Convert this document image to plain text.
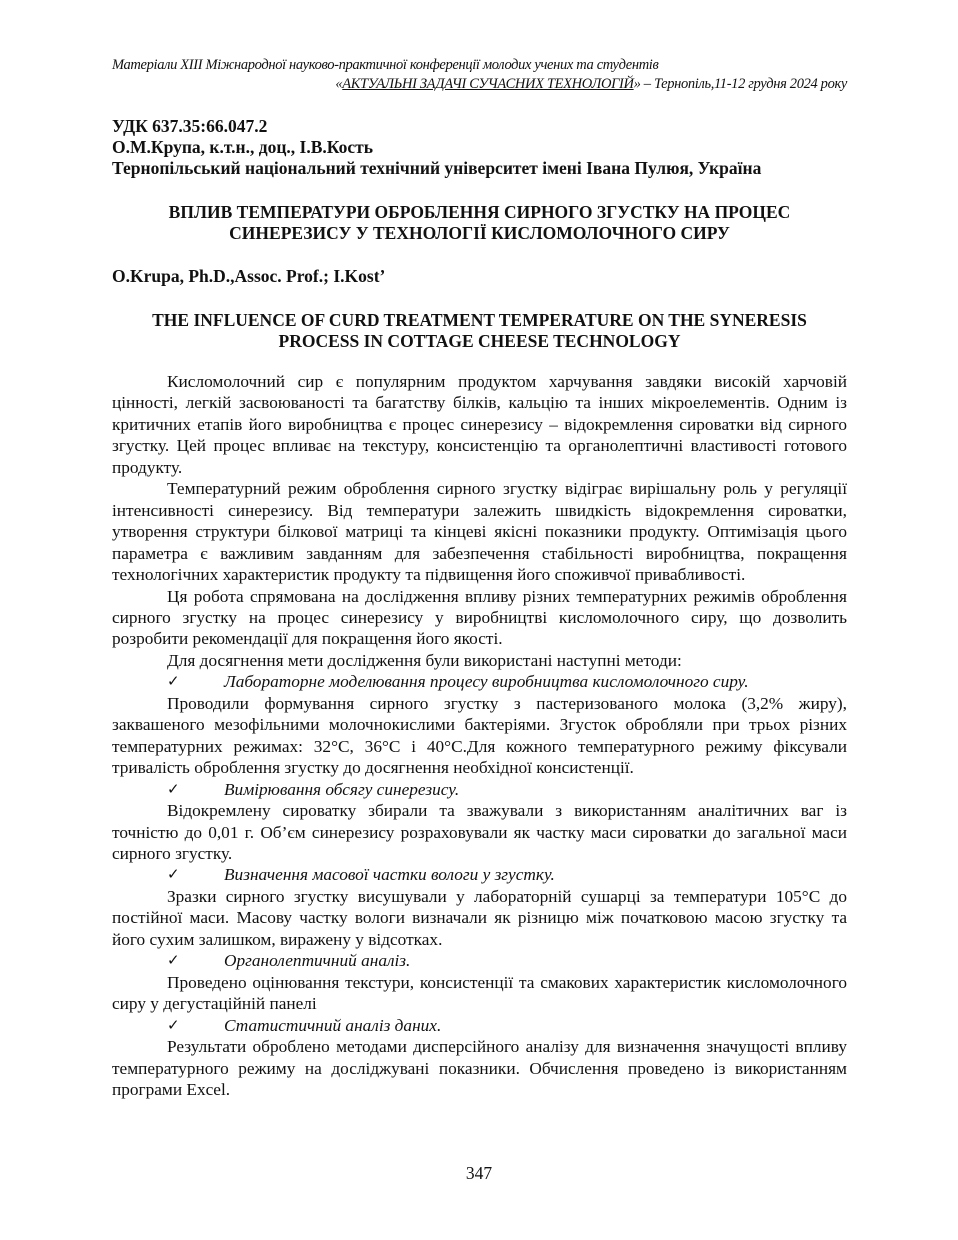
Матеріали ХІІІ Міжнародної науково-практичної конференції молодих учених та студентів
«АКТУАЛЬНІ ЗАДАЧІ СУЧАСНИХ ТЕХНОЛОГІЙ» – Тернопіль,11-12 грудня 2024 року
УДК 637.35:66.047.2
О.М.Крупа, к.т.н., доц., І.В.Кость
Тернопільський національний технічний університет імені Івана Пулюя, Україна
ВПЛИВ ТЕМПЕРАТУРИ ОБРОБЛЕННЯ СИРНОГО ЗГУСТКУ НА ПРОЦЕС СИНЕРЕЗИСУ У ТЕХНОЛОГІЇ КИСЛОМОЛОЧНОГО СИРУ
O.Krupa, Ph.D.,Assoc. Prof.; I.Kost’
THE INFLUENCE OF CURD TREATMENT TEMPERATURE ON THE SYNERESIS PROCESS IN COTTAGE CHEESE TECHNOLOGY

Кисломолочний сир є популярним продуктом харчування завдяки високій харчовій цінності, легкій засвоюваності та багатству білків, кальцію та інших мікроелементів. Одним із критичних етапів його виробництва є процес синерезису – відокремлення сироватки від сирного згустку. Цей процес впливає на текстуру, консистенцію та органолептичні властивості готового продукту.

Температурний режим оброблення сирного згустку відіграє вирішальну роль у регуляції інтенсивності синерезису. Від температури залежить швидкість відокремлення сироватки, утворення структури білкової матриці та кінцеві якісні показники продукту. Оптимізація цього параметра є важливим завданням для забезпечення стабільності виробництва, покращення технологічних характеристик продукту та підвищення його споживчої привабливості.

Ця робота спрямована на дослідження впливу різних температурних режимів оброблення сирного згустку на процес синерезису у виробництві кисломолочного сиру, що дозволить розробити рекомендації для покращення його якості.

Для досягнення мети дослідження були використані наступні методи:

✓	Лабораторне моделювання процесу виробництва кисломолочного сиру.

Проводили формування сирного згустку з пастеризованого молока (3,2% жиру), заквашеного мезофільними молочнокислими бактеріями. Згусток обробляли при трьох різних температурних режимах: 32°С, 36°С і 40°С.Для кожного температурного режиму фіксували тривалість оброблення згустку до досягнення необхідної консистенції.

✓	Вимірювання обсягу синерезису.

Відокремлену сироватку збирали та зважували з використанням аналітичних ваг із точністю до 0,01 г. Об’єм синерезису розраховували як частку маси сироватки до загальної маси сирного згустку.

✓	Визначення масової частки вологи у згустку.

Зразки сирного згустку висушували у лабораторній сушарці за температури 105°С до постійної маси. Масову частку вологи визначали як різницю між початковою масою згустку та його сухим залишком, виражену у відсотках.

✓	Органолептичний аналіз.

Проведено оцінювання текстури, консистенції та смакових характеристик кисломолочного сиру у дегустаційній панелі

✓	Статистичний аналіз даних.

Результати оброблено методами дисперсійного аналізу для визначення значущості впливу температурного режиму на досліджувані показники. Обчислення проведено із використанням програми Excel.

347
